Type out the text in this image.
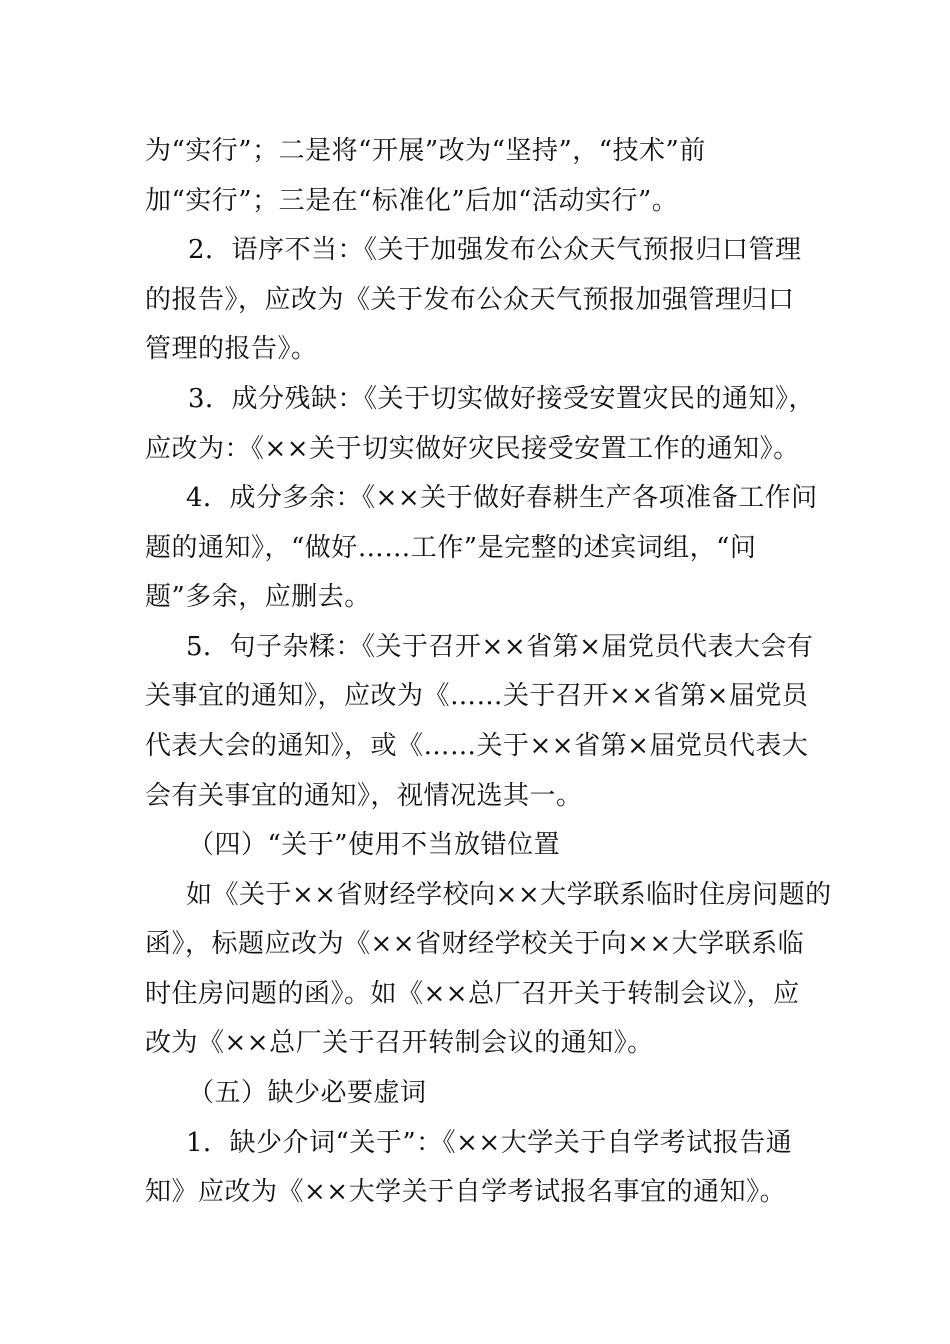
为“实行”；二是将“开展”改为“坚持”，“技术”前
加“实行”；三是在“标准化”后加“活动实行”。
2．语序不当：《关于加强发布公众天气预报归口管理
的报告》，应改为《关于发布公众天气预报加强管理归口
管理的报告》。
3．成分残缺：《关于切实做好接受安置灾民的通知》，
应改为：《××关于切实做好灾民接受安置工作的通知》。
4．成分多余：《××关于做好春耕生产各项准备工作问
题的通知》，“做好……工作”是完整的述宾词组，“问
题”多余，应删去。
5．句子杂糅：《关于召开××省第×届党员代表大会有
关事宜的通知》，应改为《……关于召开××省第×届党员
代表大会的通知》，或《……关于××省第×届党员代表大
会有关事宜的通知》，视情况选其一。
（四）“关于”使用不当放错位置
如《关于××省财经学校向××大学联系临时住房问题的
函》，标题应改为《××省财经学校关于向××大学联系临
时住房问题的函》。如《××总厂召开关于转制会议》，应
改为《××总厂关于召开转制会议的通知》。
（五）缺少必要虚词
1．缺少介词“关于”：《××大学关于自学考试报告通
知》应改为《××大学关于自学考试报名事宜的通知》。
